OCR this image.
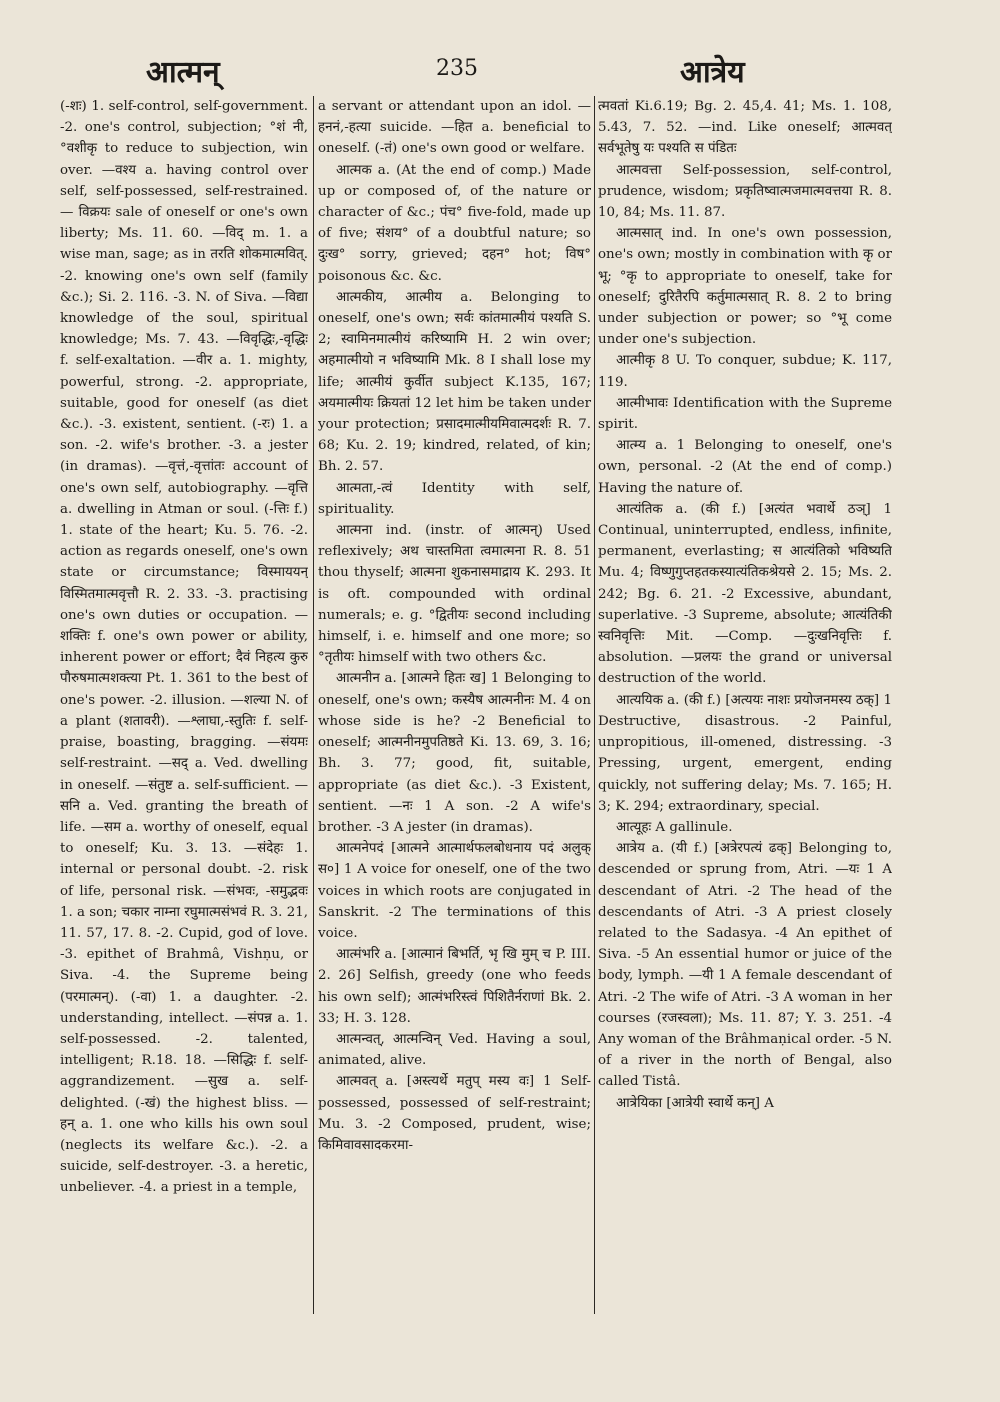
आत्मन्	235	आत्रेय

(-शः) 1. self-control, self-government. -2. one's control, subjection; °शं नी, °वशीकृ to reduce to subjection, win over. —वश्य a. having control over self, self-possessed, self-restrained. — विक्रयः sale of oneself or one's own liberty; Ms. 11. 60. —विद् m. 1. a wise man, sage; as in तरति शोकमात्मवित्. -2. knowing one's own self (family &c.); Si. 2. 116. -3. N. of Siva. —विद्या knowledge of the soul, spiritual knowledge; Ms. 7. 43. —विवृद्धिः,-वृद्धिः f. self-exaltation. —वीर a. 1. mighty, powerful, strong. -2. appropriate, suitable, good for oneself (as diet &c.). -3. existent, sentient. (-रः) 1. a son. -2. wife's brother. -3. a jester (in dramas). —वृत्तं,-वृत्तांतः account of one's own self, autobiography. —वृत्ति a. dwelling in Atman or soul. (-त्तिः f.) 1. state of the heart; Ku. 5. 76. -2. action as regards oneself, one's own state or circumstance; विस्माययन् विस्मितमात्मवृत्तौ R. 2. 33. -3. practising one's own duties or occupation. —शक्तिः f. one's own power or ability, inherent power or effort; दैवं निहत्य कुरु पौरुषमात्मशक्त्या Pt. 1. 361 to the best of one's power. -2. illusion. —शल्या N. of a plant (शतावरी). —श्लाघा,-स्तुतिः f. self-praise, boasting, bragging. —संयमः self-restraint. —सद् a. Ved. dwelling in oneself. —संतुष्ट a. self-sufficient. —सनि a. Ved. granting the breath of life. —सम a. worthy of oneself, equal to oneself; Ku. 3. 13. —संदेहः 1. internal or personal doubt. -2. risk of life, personal risk. —संभवः, -समुद्भवः 1. a son; चकार नाम्ना रघुमात्मसंभवं R. 3. 21, 11. 57, 17. 8. -2. Cupid, god of love. -3. epithet of Brahmâ, Vishṇu, or Siva. -4. the Supreme being (परमात्मन्). (-वा) 1. a daughter. -2. understanding, intellect. —संपन्न a. 1. self-possessed. -2. talented, intelligent; R.18. 18. —सिद्धिः f. self-aggrandizement. —सुख a. self-delighted. (-खं) the highest bliss. —हन् a. 1. one who kills his own soul (neglects its welfare &c.). -2. a suicide, self-destroyer. -3. a heretic, unbeliever. -4. a priest in a temple,

a servant or attendant upon an idol. —हननं,-हत्या suicide. —हित a. beneficial to oneself. (-तं) one's own good or welfare.

आत्मक a. (At the end of comp.) Made up or composed of, of the nature or character of &c.; पंच° five-fold, made up of five; संशय° of a doubtful nature; so दुःख° sorry, grieved; दहन° hot; विष° poisonous &c. &c.

आत्मकीय, आत्मीय a. Belonging to oneself, one's own; सर्वः कांतमात्मीयं पश्यति S. 2; स्वामिनमात्मीयं करिष्यामि H. 2 win over; अहमात्मीयो न भविष्यामि Mk. 8 I shall lose my life; आत्मीयं कुर्वीत subject K.135, 167; अयमात्मीयः क्रियतां 12 let him be taken under your protection; प्रसादमात्मीयमिवात्मदर्शः R. 7. 68; Ku. 2. 19; kindred, related, of kin; Bh. 2. 57.

आत्मता,-त्वं Identity with self, spirituality.

आत्मना ind. (instr. of आत्मन्) Used reflexively; अथ चास्तमिता त्वमात्मना R. 8. 51 thou thyself; आत्मना शुकनासमाद्राय K. 293. It is oft. compounded with ordinal numerals; e. g. °द्वितीयः second including himself, i. e. himself and one more; so °तृतीयः himself with two others &c.

आत्मनीन a. [आत्मने हितः ख] 1 Belonging to oneself, one's own; कस्यैष आत्मनीनः M. 4 on whose side is he? -2 Beneficial to oneself; आत्मनीनमुपतिष्ठते Ki. 13. 69, 3. 16; Bh. 3. 77; good, fit, suitable, appropriate (as diet &c.). -3 Existent, sentient. —नः 1 A son. -2 A wife's brother. -3 A jester (in dramas).

आत्मनेपदं [आत्मने आत्मार्थफलबोधनाय पदं अलुक् स०] 1 A voice for oneself, one of the two voices in which roots are conjugated in Sanskrit. -2 The terminations of this voice.

आत्मंभरि a. [आत्मानं बिभर्ति, भृ खि मुम् च P. III. 2. 26] Selfish, greedy (one who feeds his own self); आत्मंभरिस्त्वं पिशितैर्नराणां Bk. 2. 33; H. 3. 128.

आत्मन्वत्, आत्मन्विन् Ved. Having a soul, animated, alive.

आत्मवत् a. [अस्त्यर्थे मतुप् मस्य वः] 1 Self-possessed, possessed of self-restraint; Mu. 3. -2 Composed, prudent, wise; किमिवावसादकरमा-

त्मवतां Ki.6.19; Bg. 2. 45,4. 41; Ms. 1. 108, 5.43, 7. 52. —ind. Like oneself; आत्मवत् सर्वभूतेषु यः पश्यति स पंडितः

आत्मवत्ता Self-possession, self-control, prudence, wisdom; प्रकृतिष्वात्मजमात्मवत्तया R. 8. 10, 84; Ms. 11. 87.

आत्मसात् ind. In one's own possession, one's own; mostly in combination with कृ or भू; °कृ to appropriate to oneself, take for oneself; दुरितैरपि कर्तुमात्मसात् R. 8. 2 to bring under subjection or power; so °भू come under one's subjection.

आत्मीकृ 8 U. To conquer, subdue; K. 117, 119.

आत्मीभावः Identification with the Supreme spirit.

आत्म्य a. 1 Belonging to oneself, one's own, personal. -2 (At the end of comp.) Having the nature of.

आत्यंतिक a. (की f.) [अत्यंत भवार्थे ठञ्] 1 Continual, uninterrupted, endless, infinite, permanent, everlasting; स आत्यंतिको भविष्यति Mu. 4; विष्णुगुप्तहतकस्यात्यंतिकश्रेयसे 2. 15; Ms. 2. 242; Bg. 6. 21. -2 Excessive, abundant, superlative. -3 Supreme, absolute; आत्यंतिकी स्वनिवृत्तिः Mit. —Comp. —दुःखनिवृत्तिः f. absolution. —प्रलयः the grand or universal destruction of the world.

आत्ययिक a. (की f.) [अत्ययः नाशः प्रयोजनमस्य ठक्] 1 Destructive, disastrous. -2 Painful, unpropitious, ill-omened, distressing. -3 Pressing, urgent, emergent, ending quickly, not suffering delay; Ms. 7. 165; H. 3; K. 294; extraordinary, special.

आत्यूहः A gallinule.

आत्रेय a. (यी f.) [अत्रेरपत्यं ढक्] Belonging to, descended or sprung from, Atri. —यः 1 A descendant of Atri. -2 The head of the descendants of Atri. -3 A priest closely related to the Sadasya. -4 An epithet of Siva. -5 An essential humor or juice of the body, lymph. —यी 1 A female descendant of Atri. -2 The wife of Atri. -3 A woman in her courses (रजस्वला); Ms. 11. 87; Y. 3. 251. -4 Any woman of the Brâhmaṇical order. -5 N. of a river in the north of Bengal, also called Tistâ.

आत्रेयिका [आत्रेयी स्वार्थे कन्] A
